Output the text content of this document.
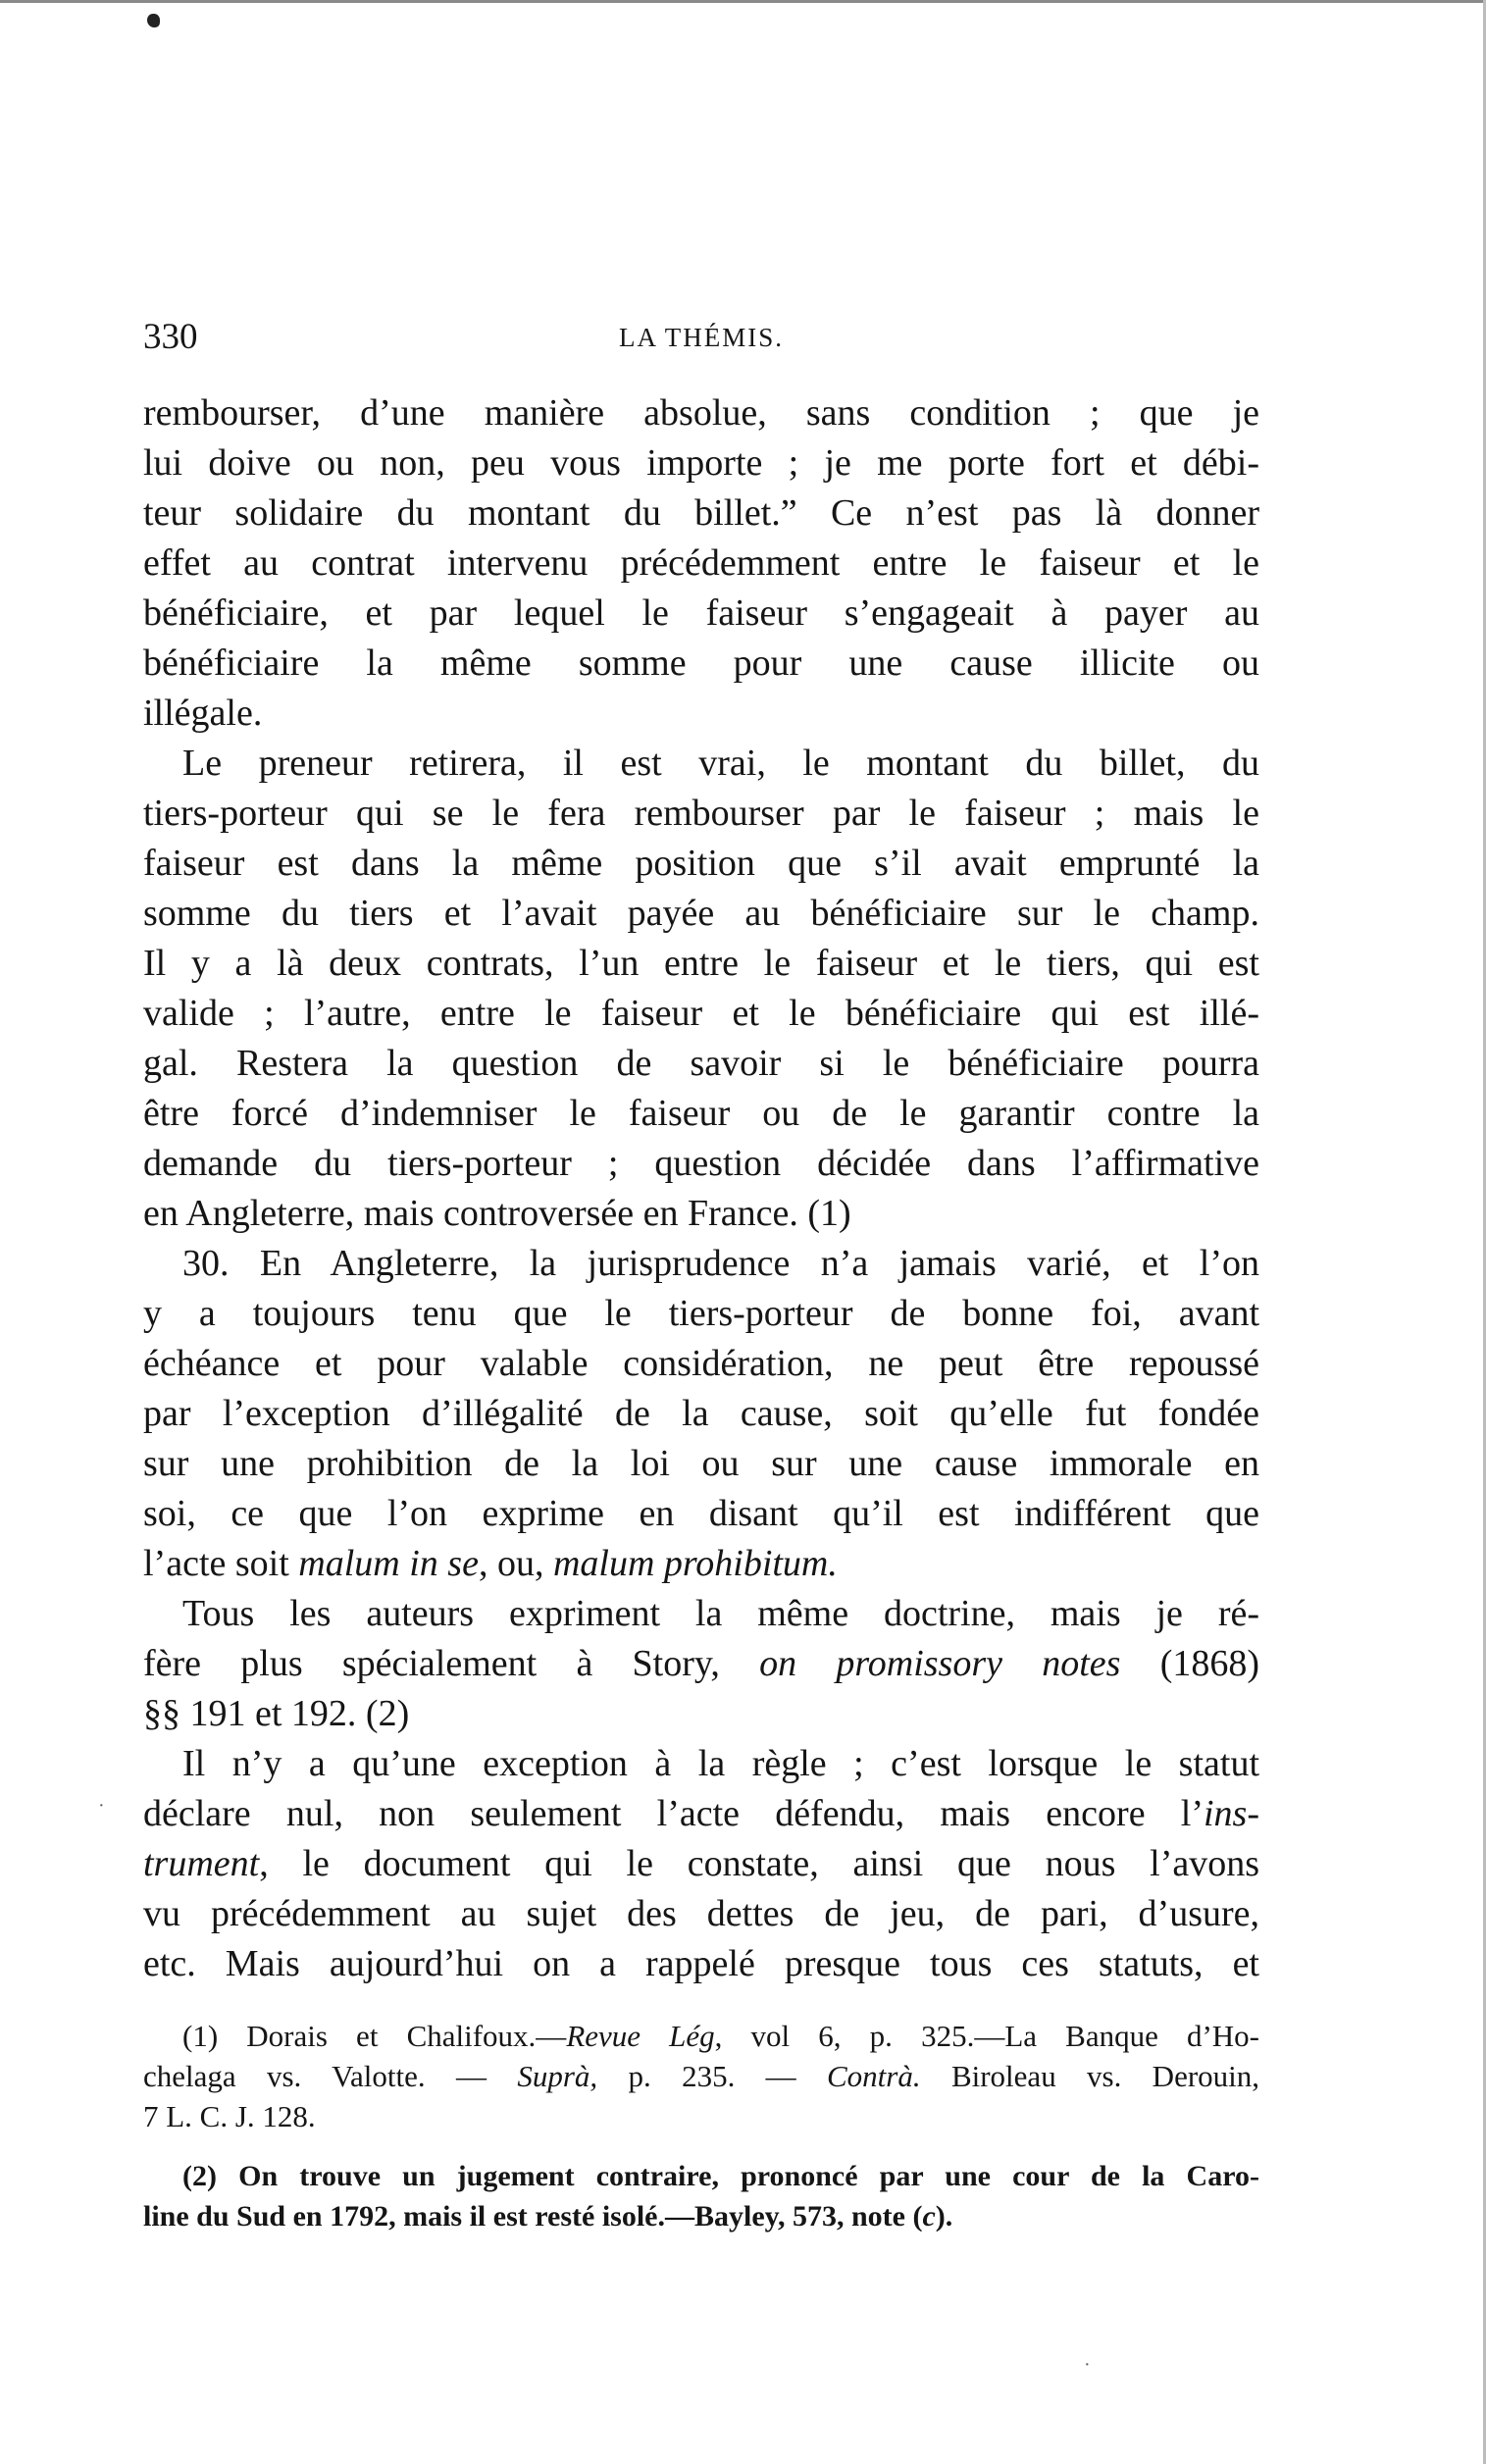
330	LA THÉMIS.
rembourser, d’une manière absolue, sans condition ; que je
lui doive ou non, peu vous importe ; je me porte fort et débi-
teur solidaire du montant du billet.” Ce n’est pas là donner
effet au contrat intervenu précédemment entre le faiseur et le
bénéficiaire, et par lequel le faiseur s’engageait à payer au
bénéficiaire la même somme pour une cause illicite ou
illégale.
Le preneur retirera, il est vrai, le montant du billet, du
tiers-porteur qui se le fera rembourser par le faiseur ; mais le
faiseur est dans la même position que s’il avait emprunté la
somme du tiers et l’avait payée au bénéficiaire sur le champ.
Il y a là deux contrats, l’un entre le faiseur et le tiers, qui est
valide ; l’autre, entre le faiseur et le bénéficiaire qui est illé-
gal. Restera la question de savoir si le bénéficiaire pourra
être forcé d’indemniser le faiseur ou de le garantir contre la
demande du tiers-porteur ; question décidée dans l’affirmative
en Angleterre, mais controversée en France. (1)
30. En Angleterre, la jurisprudence n’a jamais varié, et l’on
y a toujours tenu que le tiers-porteur de bonne foi, avant
échéance et pour valable considération, ne peut être repoussé
par l’exception d’illégalité de la cause, soit qu’elle fut fondée
sur une prohibition de la loi ou sur une cause immorale en
soi, ce que l’on exprime en disant qu’il est indifférent que
l’acte soit malum in se, ou, malum prohibitum.
Tous les auteurs expriment la même doctrine, mais je ré-
fère plus spécialement à Story, on promissory notes (1868)
§§ 191 et 192. (2)
Il n’y a qu’une exception à la règle ; c’est lorsque le statut
déclare nul, non seulement l’acte défendu, mais encore l’ins-
trument, le document qui le constate, ainsi que nous l’avons
vu précédemment au sujet des dettes de jeu, de pari, d’usure,
etc. Mais aujourd’hui on a rappelé presque tous ces statuts, et
(1) Dorais et Chalifoux.—Revue Lég, vol 6, p. 325.—La Banque d’Ho-
chelaga vs. Valotte. — Suprà, p. 235. — Contrà. Biroleau vs. Derouin,
7 L. C. J. 128.
(2) On trouve un jugement contraire, prononcé par une cour de la Caro-
line du Sud en 1792, mais il est resté isolé.—Bayley, 573, note (c).
·
·
